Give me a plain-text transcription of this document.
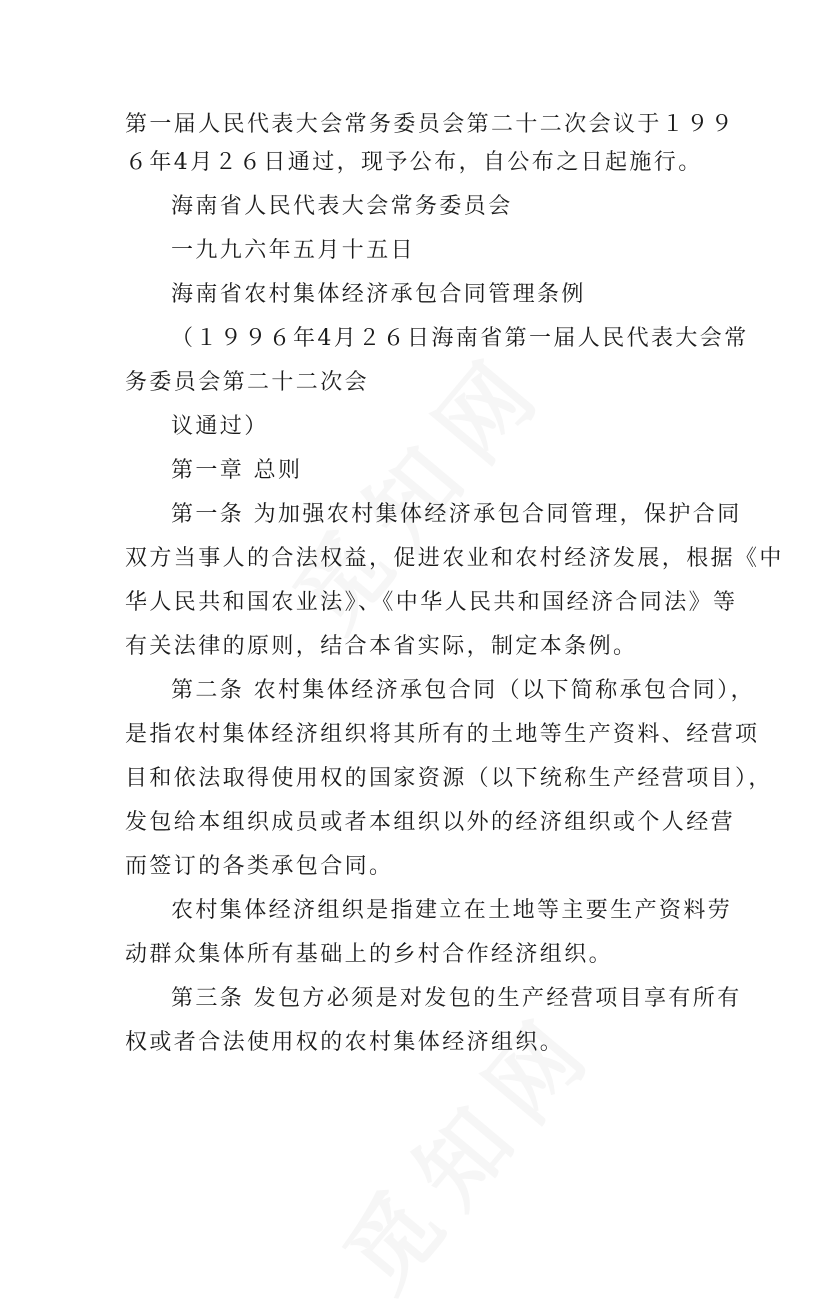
第一届人民代表大会常务委员会第二十二次会议于１９９
６年4月２６日通过，现予公布，自公布之日起施行。
海南省人民代表大会常务委员会
一九九六年五月十五日
海南省农村集体经济承包合同管理条例
（１９９６年4月２６日海南省第一届人民代表大会常
务委员会第二十二次会
议通过）
第一章 总则
第一条 为加强农村集体经济承包合同管理，保护合同
双方当事人的合法权益，促进农业和农村经济发展，根据《中
华人民共和国农业法》、《中华人民共和国经济合同法》等
有关法律的原则，结合本省实际，制定本条例。
第二条 农村集体经济承包合同（以下简称承包合同），
是指农村集体经济组织将其所有的土地等生产资料、经营项
目和依法取得使用权的国家资源（以下统称生产经营项目），
发包给本组织成员或者本组织以外的经济组织或个人经营
而签订的各类承包合同。
农村集体经济组织是指建立在土地等主要生产资料劳
动群众集体所有基础上的乡村合作经济组织。
第三条 发包方必须是对发包的生产经营项目享有所有
权或者合法使用权的农村集体经济组织。
